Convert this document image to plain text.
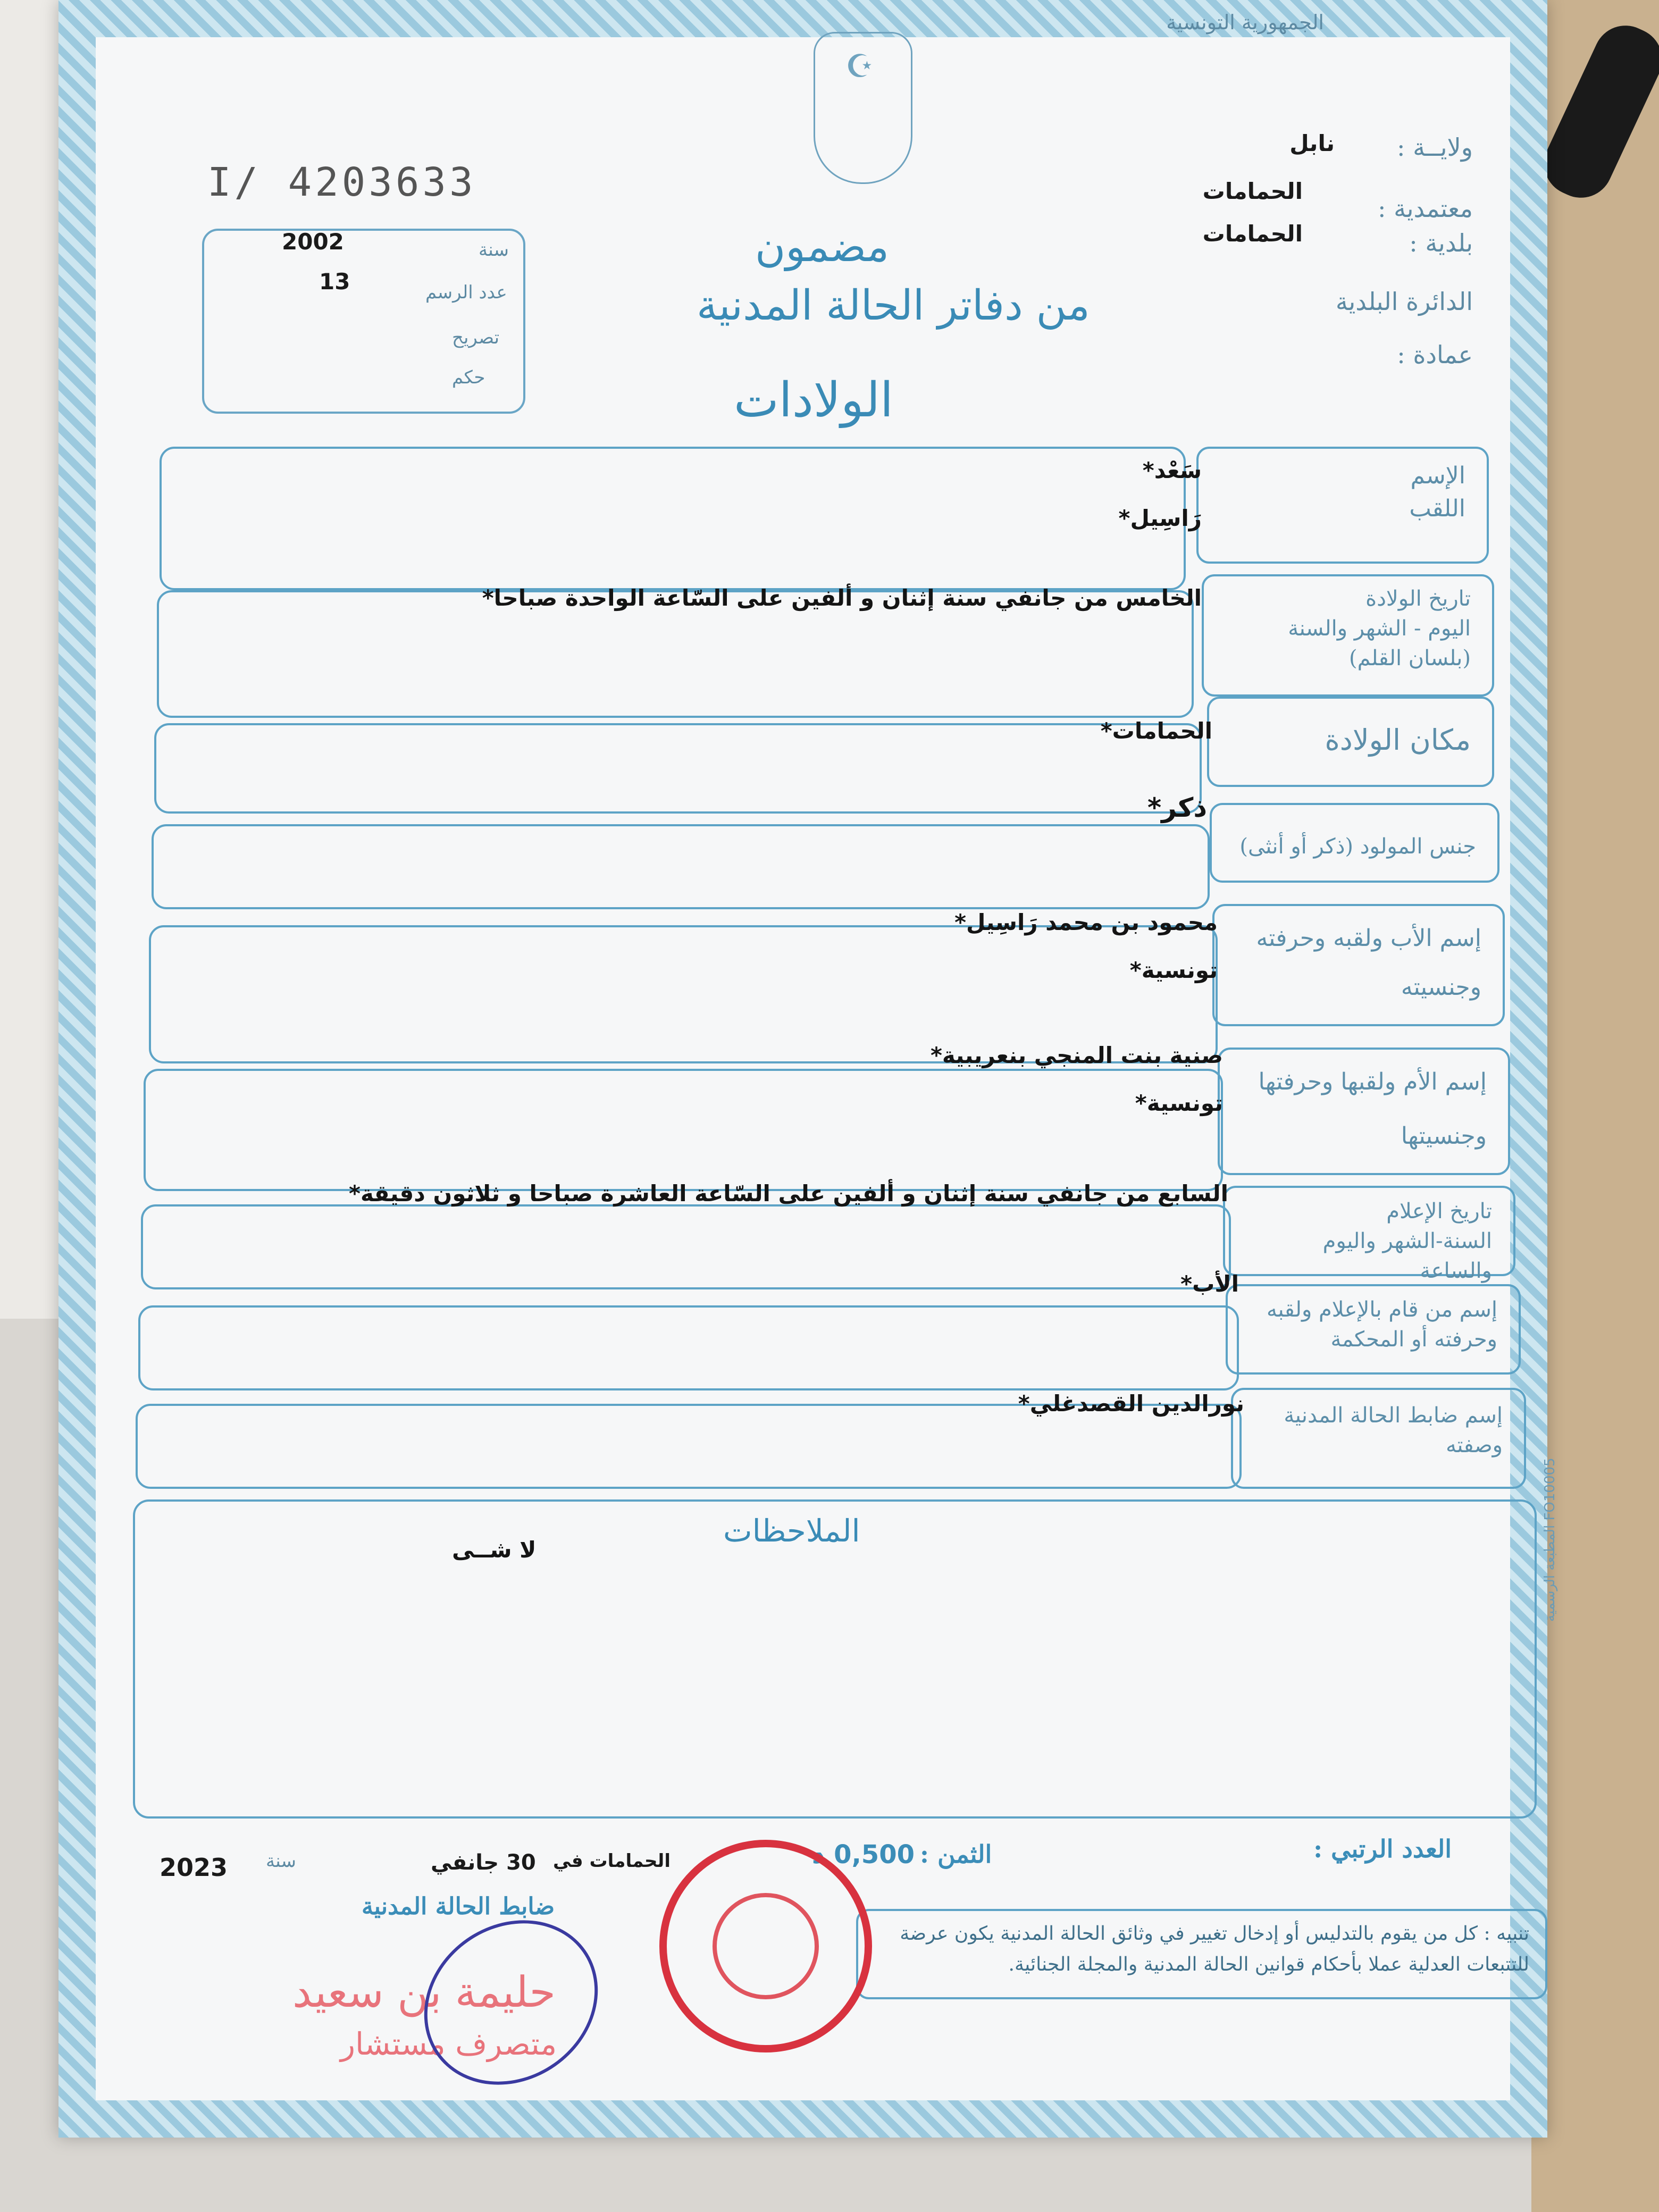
الجمهورية التونسية
ولايــة :
نابل
معتمدية :
الحمامات
بلدية :
الحمامات
الدائرة البلدية
عمادة :
☪
I/ 4203633
سنة
2002
عدد الرسم
13
تصريح
حكم
مضمون
من دفاتر الحالة المدنية
الولادات
الإسم
اللقب
سَعْد*
رَاسِيل*
تاريخ الولادة
اليوم - الشهر والسنة
(بلسان القلم)
الخامس من جانفي سنة إثنان و ألفين على السّاعة الواحدة صباحا*
مكان الولادة
الحمامات*
جنس المولود (ذكر أو أنثى)
ذكر*
إسم الأب ولقبه وحرفته
وجنسيته
محمود بن محمد رَاسِيل*
تونسية*
إسم الأم ولقبها وحرفتها
وجنسيتها
صنية بنت المنجي بنعريبية*
تونسية*
تاريخ الإعلام
السنة-الشهر واليوم والساعة
السابع من جانفي سنة إثنان و ألفين على السّاعة العاشرة صباحا و ثلاثون دقيقة*
إسم من قام بالإعلام ولقبه
وحرفته أو المحكمة
الأب*
إسم ضابط الحالة المدنية
وصفته
نورالدين القصدغلي*
الملاحظات
لا شــى	المطبعة الرسمية FO10005
العدد الرتبي :
الثمن :
0,500 د
الحمامات في
30 جانفي
سنة
2023
ضابط الحالة المدنية
تنبيه : كل من يقوم بالتدليس أو إدخال تغيير في وثائق الحالة المدنية يكون عرضة للتتبعات العدلية عملا بأحكام قوانين الحالة المدنية والمجلة الجنائية.
حليمة بن سعيد
متصرف مستشار
